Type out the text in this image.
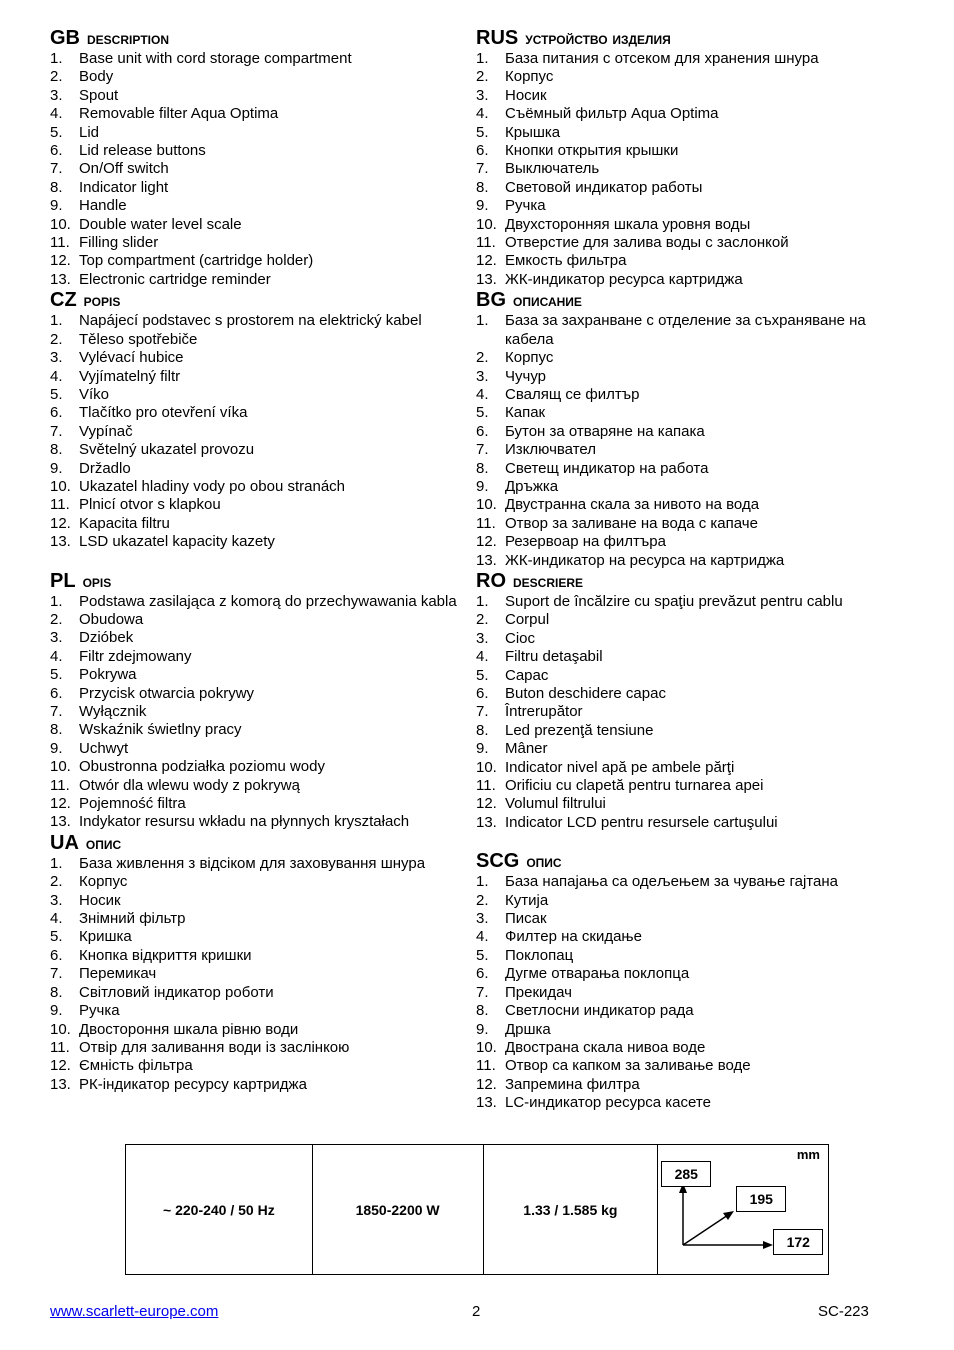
GB description
1. Base unit with cord storage compartment
2. Body
3. Spout
4. Removable filter Aqua Optima
5. Lid
6. Lid release buttons
7. On/Off switch
8. Indicator light
9. Handle
10. Double water level scale
11. Filling slider
12. Top compartment (cartridge holder)
13. Electronic cartridge reminder
CZ popis
1. Napájecí podstavec s prostorem na elektrický kabel
2. Těleso spotřebiče
3. Vylévací hubice
4. Vyjímatelný filtr
5. Víko
6. Tlačítko pro otevření víka
7. Vypínač
8. Světelný ukazatel provozu
9. Držadlo
10. Ukazatel hladiny vody po obou stranách
11. Plnicí otvor s klapkou
12. Kapacita filtru
13. LSD ukazatel kapacity kazety
PL opis
1. Podstawa zasilająca z komorą do przechywawania kabla
2. Obudowa
3. Dzióbek
4. Filtr zdejmowany
5. Pokrywa
6. Przycisk otwarcia pokrywy
7. Wyłącznik
8. Wskaźnik świetlny pracy
9. Uchwyt
10. Obustronna podziałka poziomu wody
11. Otwór dla wlewu wody z pokrywą
12. Pojemność filtra
13. Indykator resursu wkładu na płynnych kryształach
UA опис
1. База живлення з відсіком для заховування шнура
2. Корпус
3. Носик
4. Знімний фільтр
5. Кришка
6. Кнопка відкриття кришки
7. Перемикач
8. Світловий індикатор роботи
9. Ручка
10. Двостороння шкала рівню води
11. Отвір для заливання води із заслінкою
12. Ємність фільтра
13. РК-індикатор ресурсу картриджа
RUS устройство изделия
1. База питания с отсеком для хранения шнура
2. Корпус
3. Носик
4. Съёмный фильтр Aqua Optima
5. Крышка
6. Кнопки открытия крышки
7. Выключатель
8. Световой индикатор работы
9. Ручка
10. Двухсторонняя шкала уровня воды
11. Отверстие для залива воды с заслонкой
12. Емкость фильтра
13. ЖК-индикатор ресурса картриджа
BG описание
1. База за захранване с отделение за съхраняване на кабела
2. Корпус
3. Чучур
4. Свалящ се филтър
5. Капак
6. Бутон за отваряне на капака
7. Изключвател
8. Светещ индикатор на работа
9. Дръжка
10. Двустранна скала за нивото на вода
11. Отвор за заливане на вода с капаче
12. Резервоар на филтъра
13. ЖК-индикатор на ресурса на картриджа
RO descriere
1. Suport de încălzire cu spaţiu prevăzut pentru cablu
2. Corpul
3. Cioc
4. Filtru detaşabil
5. Capac
6. Buton deschidere capac
7. Întrerupător
8. Led prezenţă tensiune
9. Mâner
10. Indicator nivel apă pe ambele părţi
11. Orificiu cu clapetă pentru turnarea apei
12. Volumul filtrului
13. Indicator LCD pentru resursele cartuşului
SCG опис
1. База напајања са одељењем за чување гајтана
2. Кутија
3. Писак
4. Филтер на скидање
5. Поклопац
6. Дугме отварања поклопца
7. Прекидач
8. Светлосни индикатор рада
9. Дршка
10. Двострана скала нивоа воде
11. Отвор са капком за заливање воде
12. Запремина филтра
13. LC-индикатор ресурса касете
~ 220-240 / 50 Hz	1850-2200 W	1.33 / 1.585 kg	
mm
285
195
172
www.scarlett-europe.com	2	SC-223
